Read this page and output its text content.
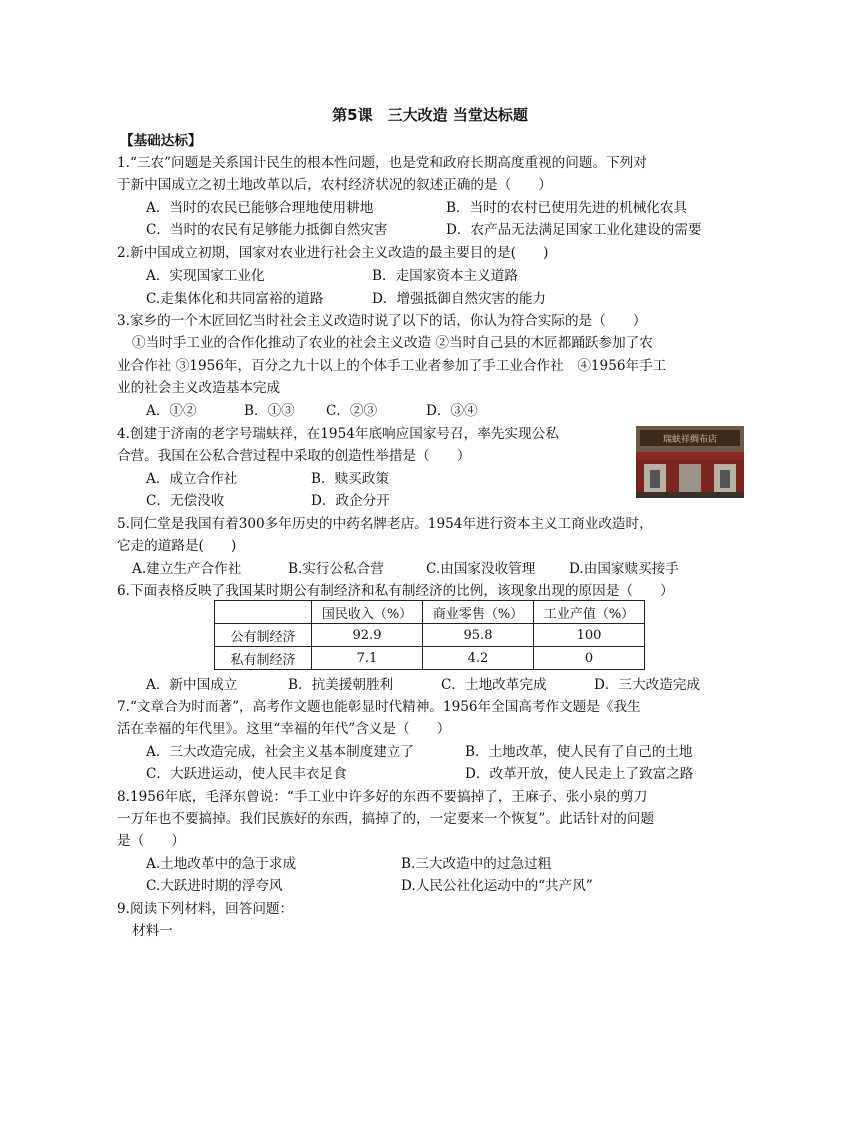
第5课　三大改造 当堂达标题
【基础达标】
1.“三农”问题是关系国计民生的根本性问题，也是党和政府长期高度重视的问题。下列对
于新中国成立之初土地改革以后，农村经济状况的叙述正确的是（　　）
A．当时的农民已能够合理地使用耕地	B．当时的农村已使用先进的机械化农具
C．当时的农民有足够能力抵御自然灾害	D．农产品无法满足国家工业化建设的需要
2.新中国成立初期，国家对农业进行社会主义改造的最主要目的是(　　)
A．实现国家工业化	B．走国家资本主义道路
C.走集体化和共同富裕的道路	D．增强抵御自然灾害的能力
3.家乡的一个木匠回忆当时社会主义改造时说了以下的话，你认为符合实际的是（　　）
①当时手工业的合作化推动了农业的社会主义改造 ②当时自己县的木匠都踊跃参加了农
业合作社 ③1956年，百分之九十以上的个体手工业者参加了手工业合作社　④1956年手工
业的社会主义改造基本完成
A．①②	B．①③ C．②③	D．③④
4.创建于济南的老字号瑞蚨祥，在1954年底响应国家号召，率先实现公私
合营。我国在公私合营过程中采取的创造性举措是（　　）
A．成立合作社	B．赎买政策
C．无偿没收	D．政企分开
瑞蚨祥绸布店
5.同仁堂是我国有着300多年历史的中药名牌老店。1954年进行资本主义工商业改造时，
它走的道路是(　　)
A.建立生产合作社	B.实行公私合营	C.由国家没收管理 D.由国家赎买接手
6.下面表格反映了我国某时期公有制经济和私有制经济的比例，该现象出现的原因是（　　）
	国民收入（%）	商业零售（%）	工业产值（%）
公有制经济	92.9	95.8	100
私有制经济	7.1	4.2	0
A．新中国成立	B．抗美援朝胜利	C．土地改革完成	D．三大改造完成
7.“文章合为时而著”，高考作文题也能彰显时代精神。1956年全国高考作文题是《我生
活在幸福的年代里》。这里“幸福的年代”含义是（　　）
A．三大改造完成，社会主义基本制度建立了	B．土地改革，使人民有了自己的土地
C．大跃进运动，使人民丰衣足食	D．改革开放，使人民走上了致富之路
8.1956年底，毛泽东曾说：“手工业中许多好的东西不要搞掉了，王麻子、张小泉的剪刀
一万年也不要搞掉。我们民族好的东西，搞掉了的，一定要来一个恢复”。此话针对的问题
是（　　）
A.土地改革中的急于求成	B.三大改造中的过急过粗
C.大跃进时期的浮夸风	D.人民公社化运动中的“共产风”
9.阅读下列材料，回答问题：
材料一
